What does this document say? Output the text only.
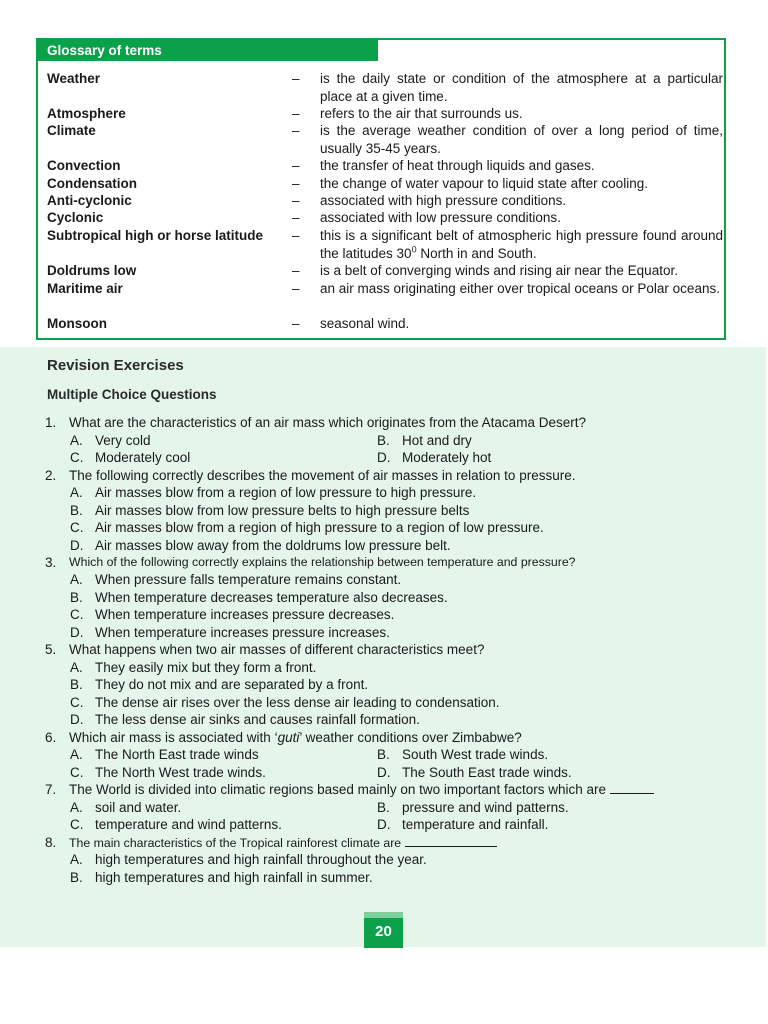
Glossary of terms
Weather	–	is the daily state or condition of the atmosphere at a particular place at a given time.
Atmosphere	–	refers to the air that surrounds us.
Climate	–	is the average weather condition of over a long period of time, usually 35-45 years.
Convection	–	the transfer of heat through liquids and gases.
Condensation	–	the change of water vapour to liquid state after cooling.
Anti-cyclonic	–	associated with high pressure conditions.
Cyclonic	–	associated with low pressure conditions.
Subtropical high or horse latitude	–	this is a significant belt of atmospheric high pressure found around the latitudes $30^0$ North in and South.
Doldrums low	–	is a belt of converging winds and rising air near the Equator.
Maritime air	–	an air mass originating either over tropical oceans or Polar oceans.
Monsoon	–	seasonal wind.
Revision Exercises
Multiple Choice Questions
1. What are the characteristics of an air mass which originates from the Atacama Desert?
A. Very cold	B. Hot and dry
C. Moderately cool	D. Moderately hot
2. The following correctly describes the movement of air masses in relation to pressure.
A. Air masses blow from a region of low pressure to high pressure.
B. Air masses blow from low pressure belts to high pressure belts
C. Air masses blow from a region of high pressure to a region of low pressure.
D. Air masses blow away from the doldrums low pressure belt.
3.	Which of the following correctly explains the relationship between temperature and pressure?
A. When pressure falls temperature remains constant.
B. When temperature decreases temperature also decreases.
C. When temperature increases pressure decreases.
D. When temperature increases pressure increases.
5. What happens when two air masses of different characteristics meet?
A. They easily mix but they form a front.
B. They do not mix and are separated by a front.
C. The dense air rises over the less dense air leading to condensation.
D. The less dense air sinks and causes rainfall formation.
6. Which air mass is associated with ‘guti’ weather conditions over Zimbabwe?
A. The North East trade winds	B. South West trade winds.
C. The North West trade winds.	D. The South East trade winds.
7. The World is divided into climatic regions based mainly on two important factors which are
A. soil and water.	B. pressure and wind patterns.
C. temperature and wind patterns.	D. temperature and rainfall.
8.	The main characteristics of the Tropical rainforest climate are
A. high temperatures and high rainfall throughout the year.
B. high temperatures and high rainfall in summer.
20
